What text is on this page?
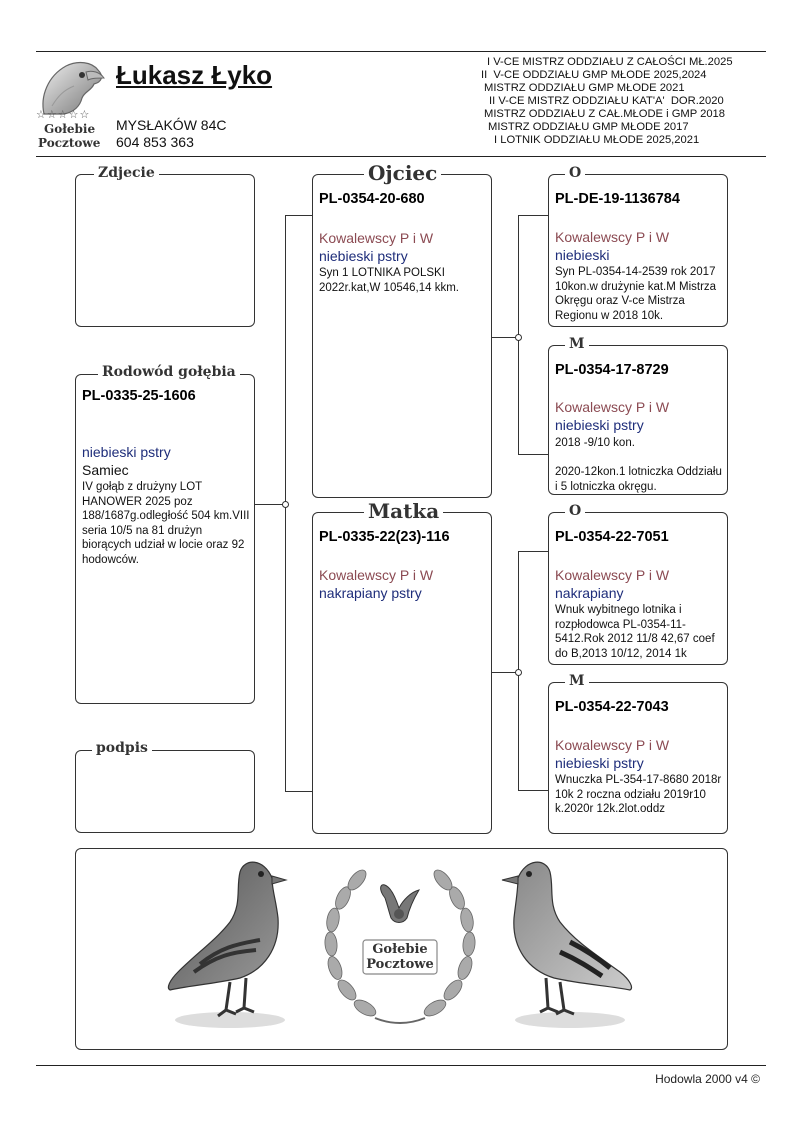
☆☆☆☆☆
Gołebie
Pocztowe
Łukasz Łyko
MYSŁAKÓW 84C
604 853 363
I V-CE MISTRZ ODDZIAŁU Z CAŁOŚCI MŁ.2025
II  V-CE ODDZIAŁU GMP MŁODE 2025,2024
MISTRZ ODDZIAŁU GMP MŁODE 2021
II V-CE MISTRZ ODDZIAŁU KAT'A'  DOR.2020
MISTRZ ODDZIAŁU Z CAŁ.MŁODE i GMP 2018
MISTRZ ODDZIAŁU GMP MŁODE 2017
I LOTNIK ODDZIAŁU MŁODE 2025,2021
Zdjecie
Rodowód gołębia
PL-0335-25-1606
niebieski pstry
Samiec
IV gołąb z drużyny LOT HANOWER 2025 poz 188/1687g.odległość 504 km.VIII seria 10/5 na 81 drużyn biorących udział w locie oraz 92 hodowców.
podpis
Ojciec
PL-0354-20-680
Kowalewscy P i W
niebieski pstry
Syn 1 LOTNIKA POLSKI 2022r.kat,W 10546,14 kkm.
Matka
PL-0335-22(23)-116
Kowalewscy P i W
nakrapiany pstry
O
PL-DE-19-1136784
Kowalewscy P i W
niebieski
Syn PL-0354-14-2539 rok 2017 10kon.w drużynie kat.M Mistrza Okręgu oraz V-ce Mistrza Regionu w 2018 10k.
M
PL-0354-17-8729
Kowalewscy P i W
niebieski pstry
2018 -9/10 kon.
2020-12kon.1 lotniczka Oddziału i 5 lotniczka okręgu.
O
PL-0354-22-7051
Kowalewscy P i W
nakrapiany
Wnuk wybitnego lotnika i rozpłodowca PL-0354-11-5412.Rok 2012 11/8 42,67 coef do B,2013 10/12, 2014 1k
M
PL-0354-22-7043
Kowalewscy P i W
niebieski pstry
Wnuczka PL-354-17-8680 2018r 10k 2 roczna odziału 2019r10 k.2020r 12k.2lot.oddz
Gołebie
Pocztowe
Hodowla 2000 v4 ©
